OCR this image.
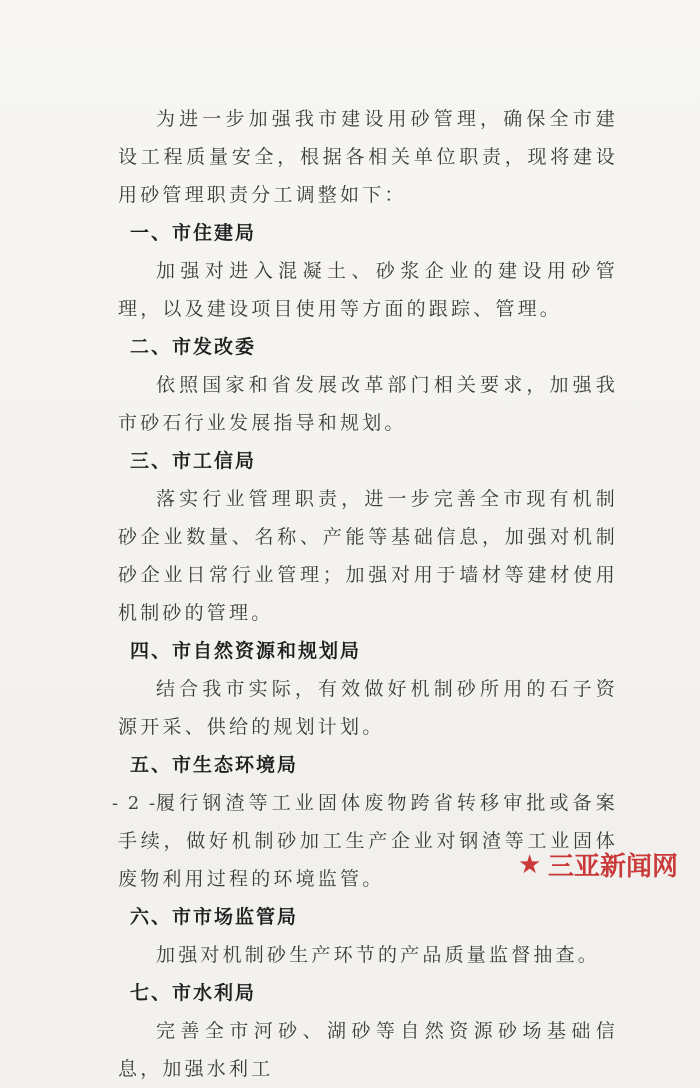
为进一步加强我市建设用砂管理，确保全市建设工程质量安全，根据各相关单位职责，现将建设用砂管理职责分工调整如下：

一、市住建局

加强对进入混凝土、砂浆企业的建设用砂管理，以及建设项目使用等方面的跟踪、管理。

二、市发改委

依照国家和省发展改革部门相关要求，加强我市砂石行业发展指导和规划。

三、市工信局

落实行业管理职责，进一步完善全市现有机制砂企业数量、名称、产能等基础信息，加强对机制砂企业日常行业管理；加强对用于墙材等建材使用机制砂的管理。

四、市自然资源和规划局

结合我市实际，有效做好机制砂所用的石子资源开采、供给的规划计划。

五、市生态环境局

履行钢渣等工业固体废物跨省转移审批或备案手续，做好机制砂加工生产企业对钢渣等工业固体废物利用过程的环境监管。

六、市市场监管局

加强对机制砂生产环节的产品质量监督抽查。

七、市水利局

完善全市河砂、湖砂等自然资源砂场基础信息，加强水利工

- 2 -
★ 三亚新闻网
